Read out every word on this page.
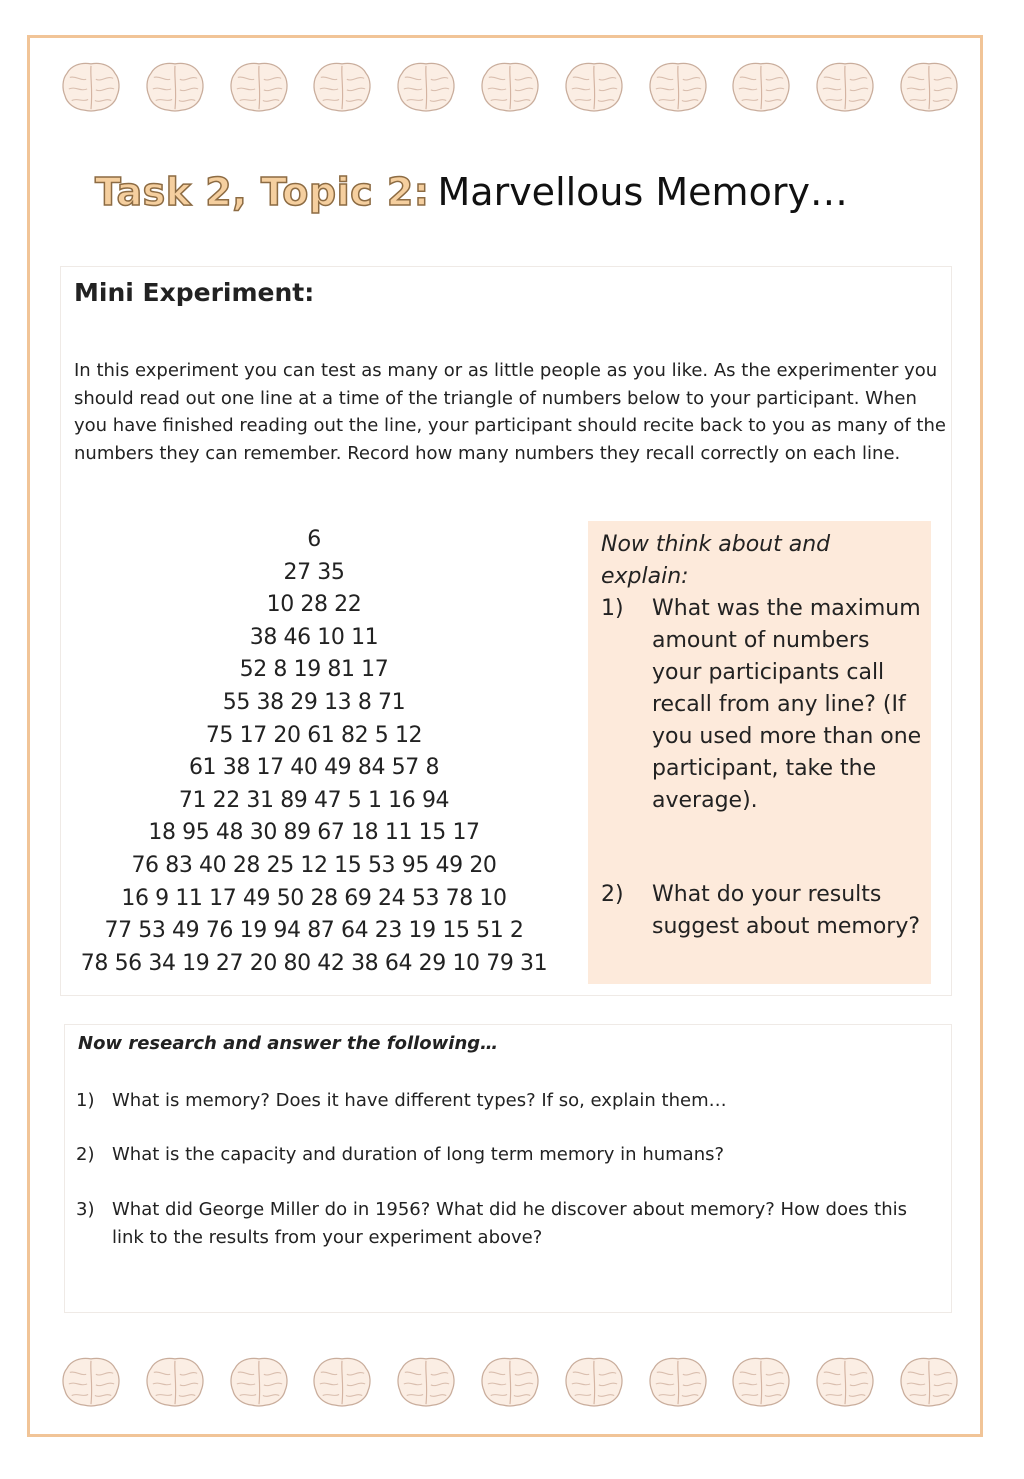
Task 2, Topic 2: Marvellous Memory…
Mini Experiment:

In this experiment you can test as many or as little people as you like. As the experimenter you should read out one line at a time of the triangle of numbers below to your participant. When you have finished reading out the line, your participant should recite back to you as many of the numbers they can remember. Record how many numbers they recall correctly on each line.

6
27 35
10 28 22
38 46 10 11
52 8 19 81 17
55 38 29 13 8 71
75 17 20 61 82 5 12
61 38 17 40 49 84 57 8
71 22 31 89 47 5 1 16 94
18 95 48 30 89 67 18 11 15 17
76 83 40 28 25 12 15 53 95 49 20
16 9 11 17 49 50 28 69 24 53 78 10
77 53 49 76 19 94 87 64 23 19 15 51 2
78 56 34 19 27 20 80 42 38 64 29 10 79 31

Now think about and explain:

1)	What was the maximum amount of numbers your participants call recall from any line? (If you used more than one participant, take the average).
2)	What do your results suggest about memory?
Now research and answer the following…
1) What is memory? Does it have different types? If so, explain them…
2) What is the capacity and duration of long term memory in humans?
3) What did George Miller do in 1956? What did he discover about memory? How does this link to the results from your experiment above?
